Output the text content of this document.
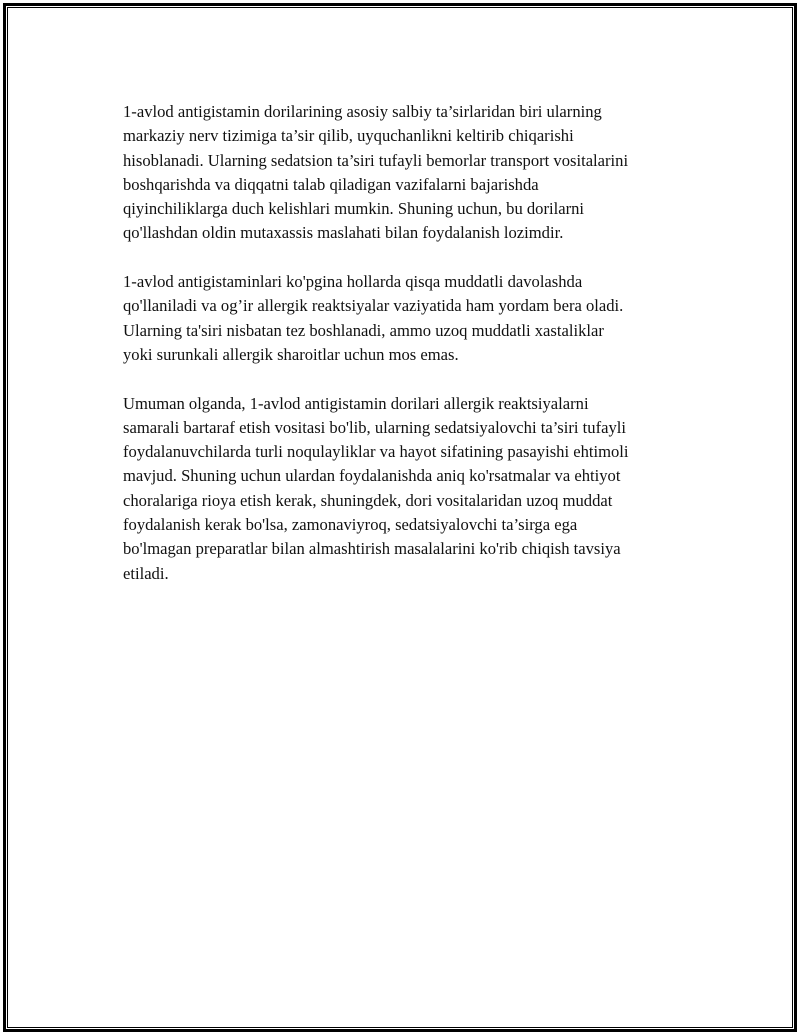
1-avlod antigistamin dorilarining asosiy salbiy ta’sirlaridan biri ularning
markaziy nerv tizimiga ta’sir qilib, uyquchanlikni keltirib chiqarishi
hisoblanadi. Ularning sedatsion ta’siri tufayli bemorlar transport vositalarini
boshqarishda va diqqatni talab qiladigan vazifalarni bajarishda
qiyinchiliklarga duch kelishlari mumkin. Shuning uchun, bu dorilarni
qo'llashdan oldin mutaxassis maslahati bilan foydalanish lozimdir.

1-avlod antigistaminlari ko'pgina hollarda qisqa muddatli davolashda
qo'llaniladi va og’ir allergik reaktsiyalar vaziyatida ham yordam bera oladi.
Ularning ta'siri nisbatan tez boshlanadi, ammo uzoq muddatli xastaliklar
yoki surunkali allergik sharoitlar uchun mos emas.

Umuman olganda, 1-avlod antigistamin dorilari allergik reaktsiyalarni
samarali bartaraf etish vositasi bo'lib, ularning sedatsiyalovchi ta’siri tufayli
foydalanuvchilarda turli noqulayliklar va hayot sifatining pasayishi ehtimoli
mavjud. Shuning uchun ulardan foydalanishda aniq ko'rsatmalar va ehtiyot
choralariga rioya etish kerak, shuningdek, dori vositalaridan uzoq muddat
foydalanish kerak bo'lsa, zamonaviyroq, sedatsiyalovchi ta’sirga ega
bo'lmagan preparatlar bilan almashtirish masalalarini ko'rib chiqish tavsiya
etiladi.
